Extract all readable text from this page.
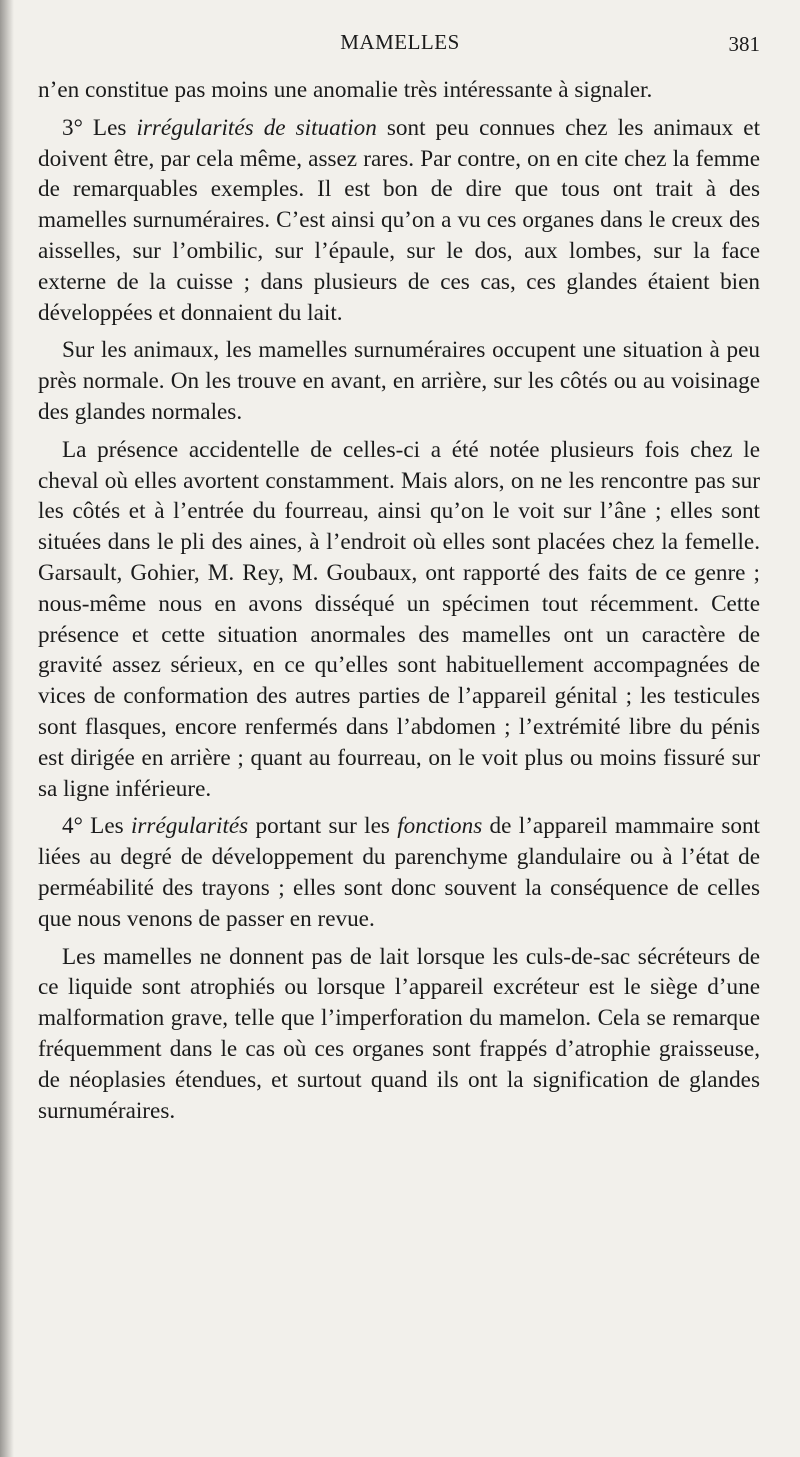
MAMELLES	381

n’en constitue pas moins une anomalie très intéressante à signaler.

3° Les irrégularités de situation sont peu connues chez les animaux et doivent être, par cela même, assez rares. Par contre, on en cite chez la femme de remarquables exemples. Il est bon de dire que tous ont trait à des mamelles surnuméraires. C’est ainsi qu’on a vu ces organes dans le creux des aisselles, sur l’ombilic, sur l’épaule, sur le dos, aux lombes, sur la face externe de la cuisse ; dans plusieurs de ces cas, ces glandes étaient bien développées et donnaient du lait.

Sur les animaux, les mamelles surnuméraires occupent une situation à peu près normale. On les trouve en avant, en arrière, sur les côtés ou au voisinage des glandes normales.

La présence accidentelle de celles-ci a été notée plusieurs fois chez le cheval où elles avortent constamment. Mais alors, on ne les rencontre pas sur les côtés et à l’entrée du fourreau, ainsi qu’on le voit sur l’âne ; elles sont situées dans le pli des aines, à l’endroit où elles sont placées chez la femelle. Garsault, Gohier, M. Rey, M. Goubaux, ont rapporté des faits de ce genre ; nous-même nous en avons disséqué un spécimen tout récemment. Cette présence et cette situation anormales des mamelles ont un caractère de gravité assez sérieux, en ce qu’elles sont habituellement accompagnées de vices de conformation des autres parties de l’appareil génital ; les testicules sont flasques, encore renfermés dans l’abdomen ; l’extrémité libre du pénis est dirigée en arrière ; quant au fourreau, on le voit plus ou moins fissuré sur sa ligne inférieure.

4° Les irrégularités portant sur les fonctions de l’appareil mammaire sont liées au degré de développement du parenchyme glandulaire ou à l’état de perméabilité des trayons ; elles sont donc souvent la conséquence de celles que nous venons de passer en revue.

Les mamelles ne donnent pas de lait lorsque les culs-de-sac sécréteurs de ce liquide sont atrophiés ou lorsque l’appareil excréteur est le siège d’une malformation grave, telle que l’imperforation du mamelon. Cela se remarque fréquemment dans le cas où ces organes sont frappés d’atrophie graisseuse, de néoplasies étendues, et surtout quand ils ont la signification de glandes surnuméraires.
